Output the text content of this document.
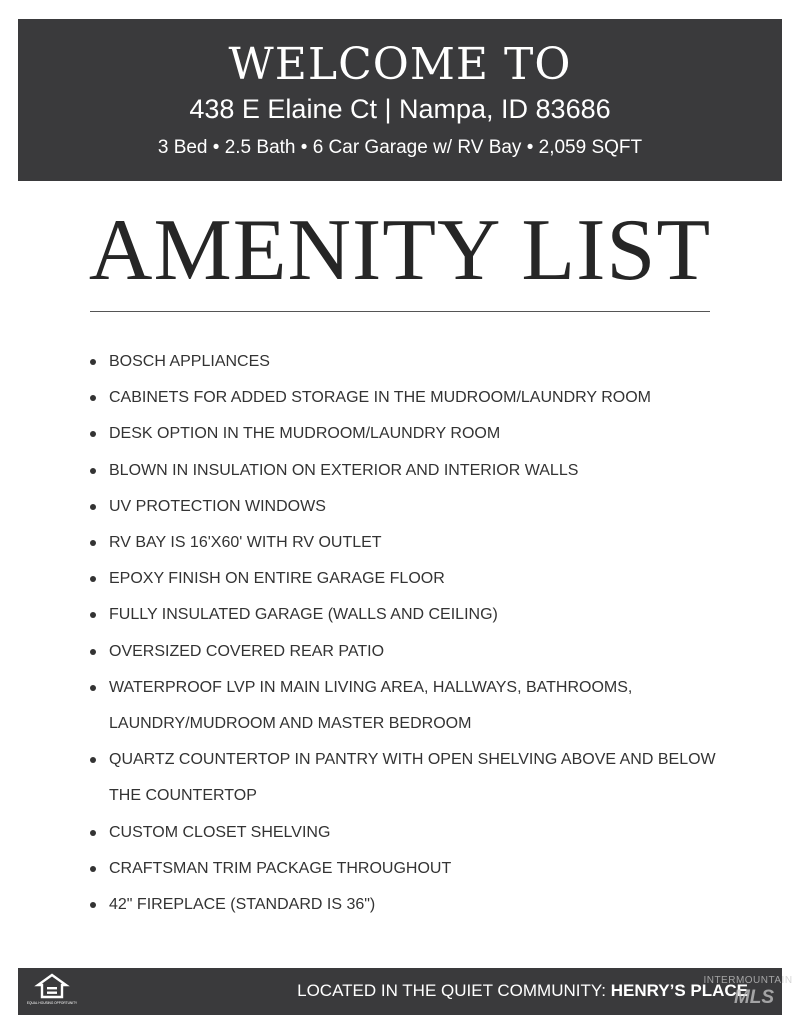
WELCOME TO
438 E Elaine Ct | Nampa, ID 83686
3 Bed • 2.5 Bath • 6 Car Garage w/ RV Bay • 2,059 SQFT
AMENITY LIST
BOSCH APPLIANCES
CABINETS FOR ADDED STORAGE IN THE MUDROOM/LAUNDRY ROOM
DESK OPTION IN THE MUDROOM/LAUNDRY ROOM
BLOWN IN INSULATION ON EXTERIOR AND INTERIOR WALLS
UV PROTECTION WINDOWS
RV BAY IS 16'X60' WITH RV OUTLET
EPOXY FINISH ON ENTIRE GARAGE FLOOR
FULLY INSULATED GARAGE (WALLS AND CEILING)
OVERSIZED COVERED REAR PATIO
WATERPROOF LVP IN MAIN LIVING AREA, HALLWAYS, BATHROOMS, LAUNDRY/MUDROOM AND MASTER BEDROOM
QUARTZ COUNTERTOP IN PANTRY WITH OPEN SHELVING ABOVE AND BELOW THE COUNTERTOP
CUSTOM CLOSET SHELVING
CRAFTSMAN TRIM PACKAGE THROUGHOUT
42" FIREPLACE (STANDARD IS 36")
EQUAL HOUSING OPPORTUNITY
LOCATED IN THE QUIET COMMUNITY: HENRY’S PLACE
INTERMOUNTAIN
MLS
